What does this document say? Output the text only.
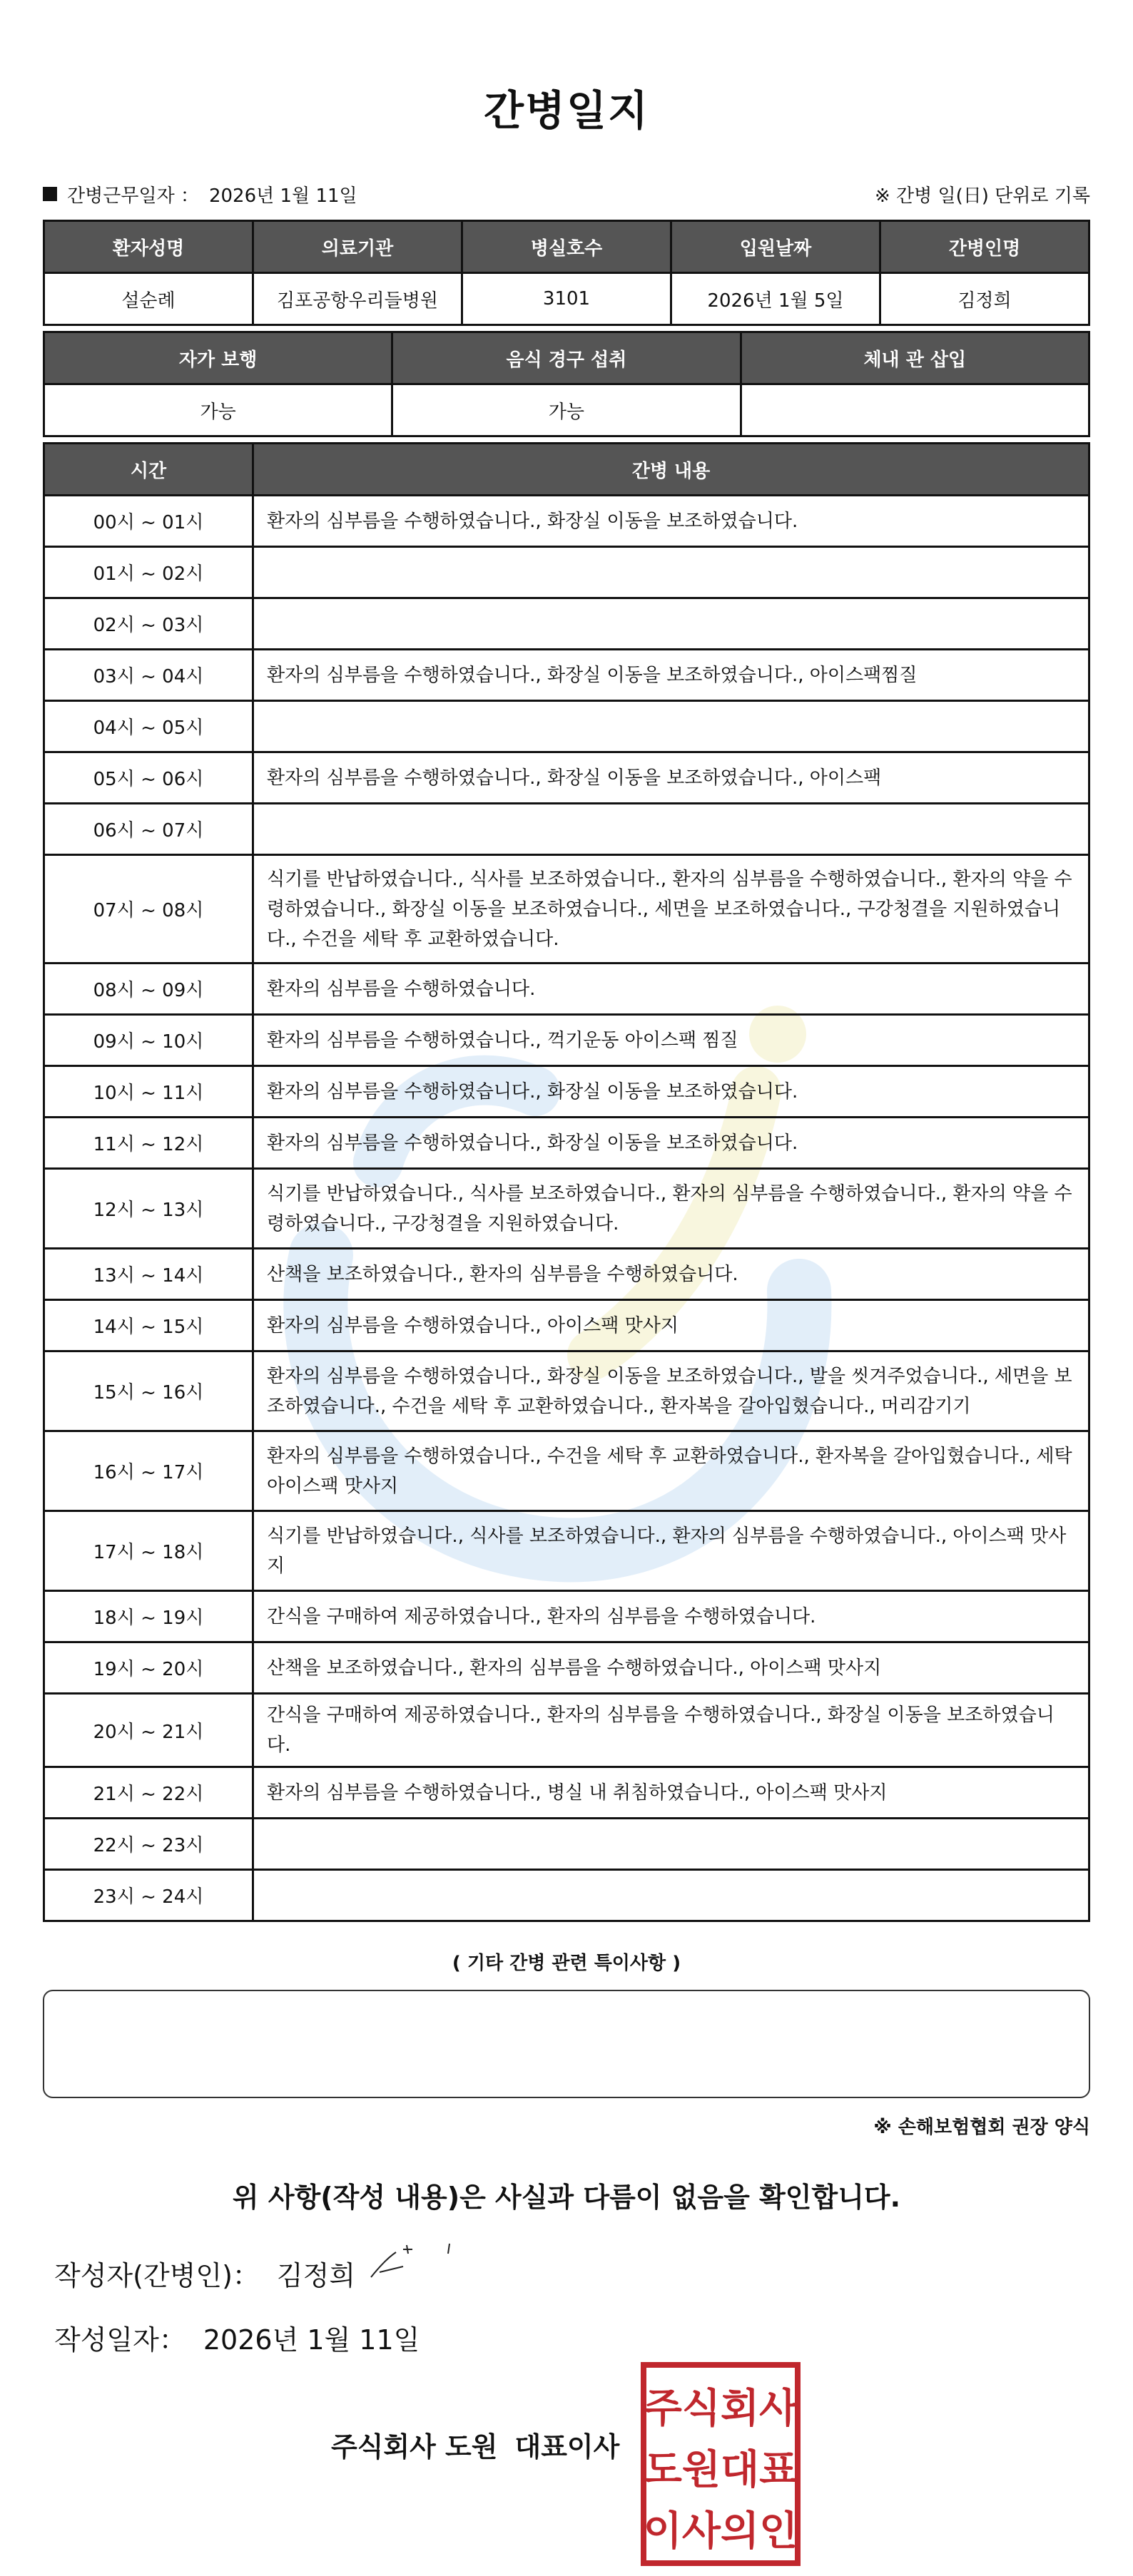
간병일지
간병근무일자 ： 2026년 1월 11일	※ 간병 일(日) 단위로 기록
환자성명	의료기관	병실호수	입원날짜	간병인명
설순례	김포공항우리들병원	3101	2026년 1월 5일	김정희
자가 보행	음식 경구 섭취	체내 관 삽입
가능	가능	
시간	간병 내용
00시 ~ 01시	환자의 심부름을 수행하였습니다., 화장실 이동을 보조하였습니다.
01시 ~ 02시	
02시 ~ 03시	
03시 ~ 04시	환자의 심부름을 수행하였습니다., 화장실 이동을 보조하였습니다., 아이스팩찜질
04시 ~ 05시	
05시 ~ 06시	환자의 심부름을 수행하였습니다., 화장실 이동을 보조하였습니다., 아이스팩
06시 ~ 07시	
07시 ~ 08시	식기를 반납하였습니다., 식사를 보조하였습니다., 환자의 심부름을 수행하였습니다., 환자의 약을 수령하였습니다., 화장실 이동을 보조하였습니다., 세면을 보조하였습니다., 구강청결을 지원하였습니다., 수건을 세탁 후 교환하였습니다.
08시 ~ 09시	환자의 심부름을 수행하였습니다.
09시 ~ 10시	환자의 심부름을 수행하였습니다., 꺽기운동 아이스팩 찜질
10시 ~ 11시	환자의 심부름을 수행하였습니다., 화장실 이동을 보조하였습니다.
11시 ~ 12시	환자의 심부름을 수행하였습니다., 화장실 이동을 보조하였습니다.
12시 ~ 13시	식기를 반납하였습니다., 식사를 보조하였습니다., 환자의 심부름을 수행하였습니다., 환자의 약을 수령하였습니다., 구강청결을 지원하였습니다.
13시 ~ 14시	산책을 보조하였습니다., 환자의 심부름을 수행하였습니다.
14시 ~ 15시	환자의 심부름을 수행하였습니다., 아이스팩 맛사지
15시 ~ 16시	환자의 심부름을 수행하였습니다., 화장실 이동을 보조하였습니다., 발을 씻겨주었습니다., 세면을 보조하였습니다., 수건을 세탁 후 교환하였습니다., 환자복을 갈아입혔습니다., 머리감기기
16시 ~ 17시	환자의 심부름을 수행하였습니다., 수건을 세탁 후 교환하였습니다., 환자복을 갈아입혔습니다., 세탁 아이스팩 맛사지
17시 ~ 18시	식기를 반납하였습니다., 식사를 보조하였습니다., 환자의 심부름을 수행하였습니다., 아이스팩 맛사지
18시 ~ 19시	간식을 구매하여 제공하였습니다., 환자의 심부름을 수행하였습니다.
19시 ~ 20시	산책을 보조하였습니다., 환자의 심부름을 수행하였습니다., 아이스팩 맛사지
20시 ~ 21시	간식을 구매하여 제공하였습니다., 환자의 심부름을 수행하였습니다., 화장실 이동을 보조하였습니다.
21시 ~ 22시	환자의 심부름을 수행하였습니다., 병실 내 취침하였습니다., 아이스팩 맛사지
22시 ~ 23시	
23시 ~ 24시	
( 기타 간병 관련 특이사항 )
※ 손해보험협회 권장 양식
위 사항(작성 내용)은 사실과 다름이 없음을 확인합니다.
작성자(간병인)： 김정희
작성일자： 2026년 1월 11일
주식회사 도원 대표이사
주식회사
도원대표
이사의인
